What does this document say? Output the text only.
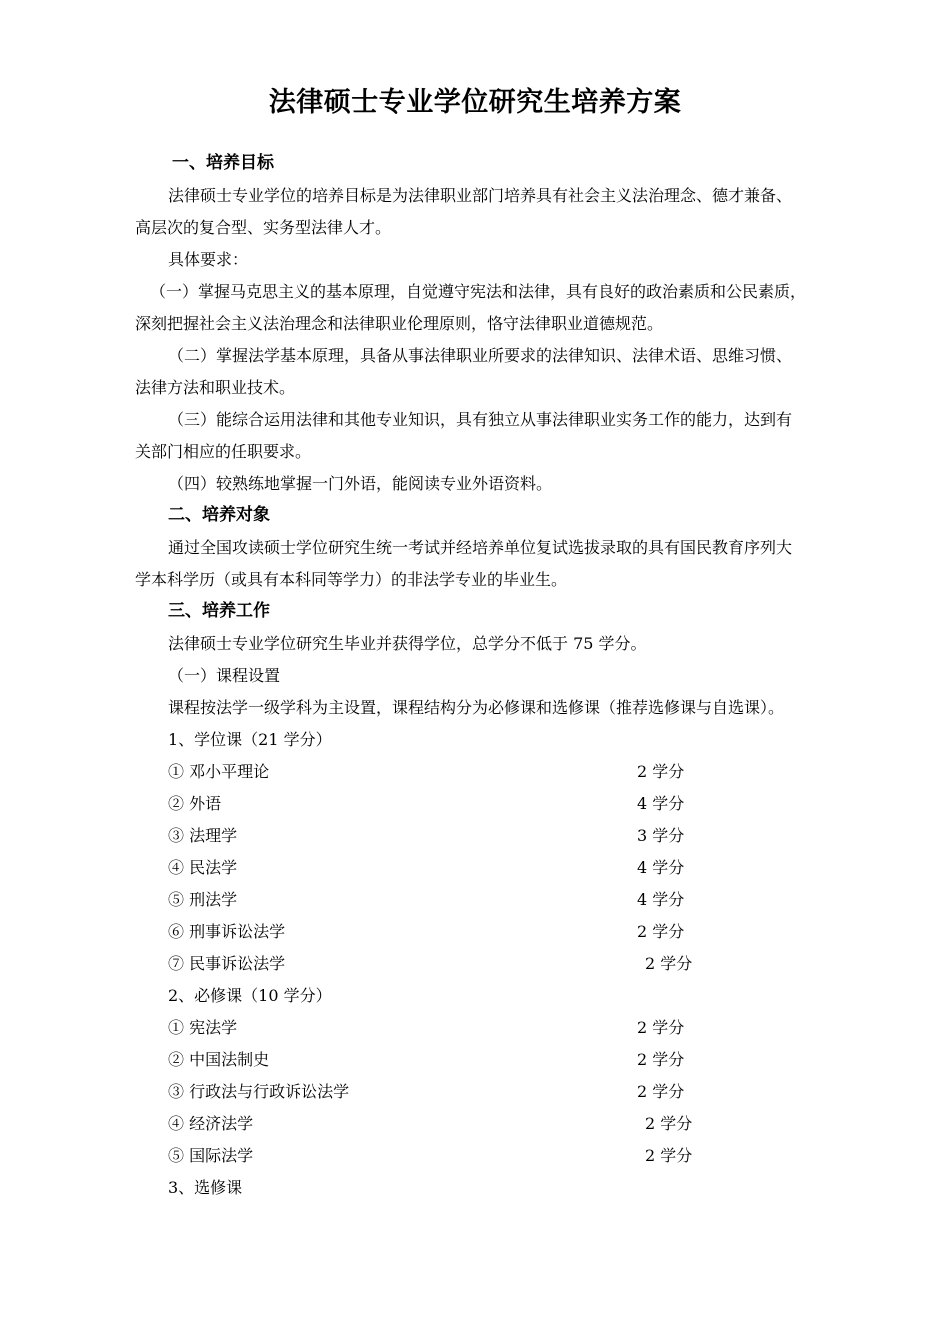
法律硕士专业学位研究生培养方案
一、培养目标
法律硕士专业学位的培养目标是为法律职业部门培养具有社会主义法治理念、德才兼备、
高层次的复合型、实务型法律人才。
具体要求：
（一）掌握马克思主义的基本原理，自觉遵守宪法和法律，具有良好的政治素质和公民素质，
深刻把握社会主义法治理念和法律职业伦理原则，恪守法律职业道德规范。
（二）掌握法学基本原理，具备从事法律职业所要求的法律知识、法律术语、思维习惯、
法律方法和职业技术。
（三）能综合运用法律和其他专业知识，具有独立从事法律职业实务工作的能力，达到有
关部门相应的任职要求。
（四）较熟练地掌握一门外语，能阅读专业外语资料。
二、培养对象
通过全国攻读硕士学位研究生统一考试并经培养单位复试选拔录取的具有国民教育序列大
学本科学历（或具有本科同等学力）的非法学专业的毕业生。
三、培养工作
法律硕士专业学位研究生毕业并获得学位，总学分不低于 75 学分。
（一）课程设置
课程按法学一级学科为主设置，课程结构分为必修课和选修课（推荐选修课与自选课）。
1、学位课（21 学分）
① 邓小平理论	2 学分
② 外语	4 学分
③ 法理学	3 学分
④ 民法学	4 学分
⑤ 刑法学	4 学分
⑥ 刑事诉讼法学	2 学分
⑦ 民事诉讼法学	2 学分
2、必修课（10 学分）
① 宪法学	2 学分
② 中国法制史	2 学分
③ 行政法与行政诉讼法学	2 学分
④ 经济法学	2 学分
⑤ 国际法学	2 学分
3、选修课
